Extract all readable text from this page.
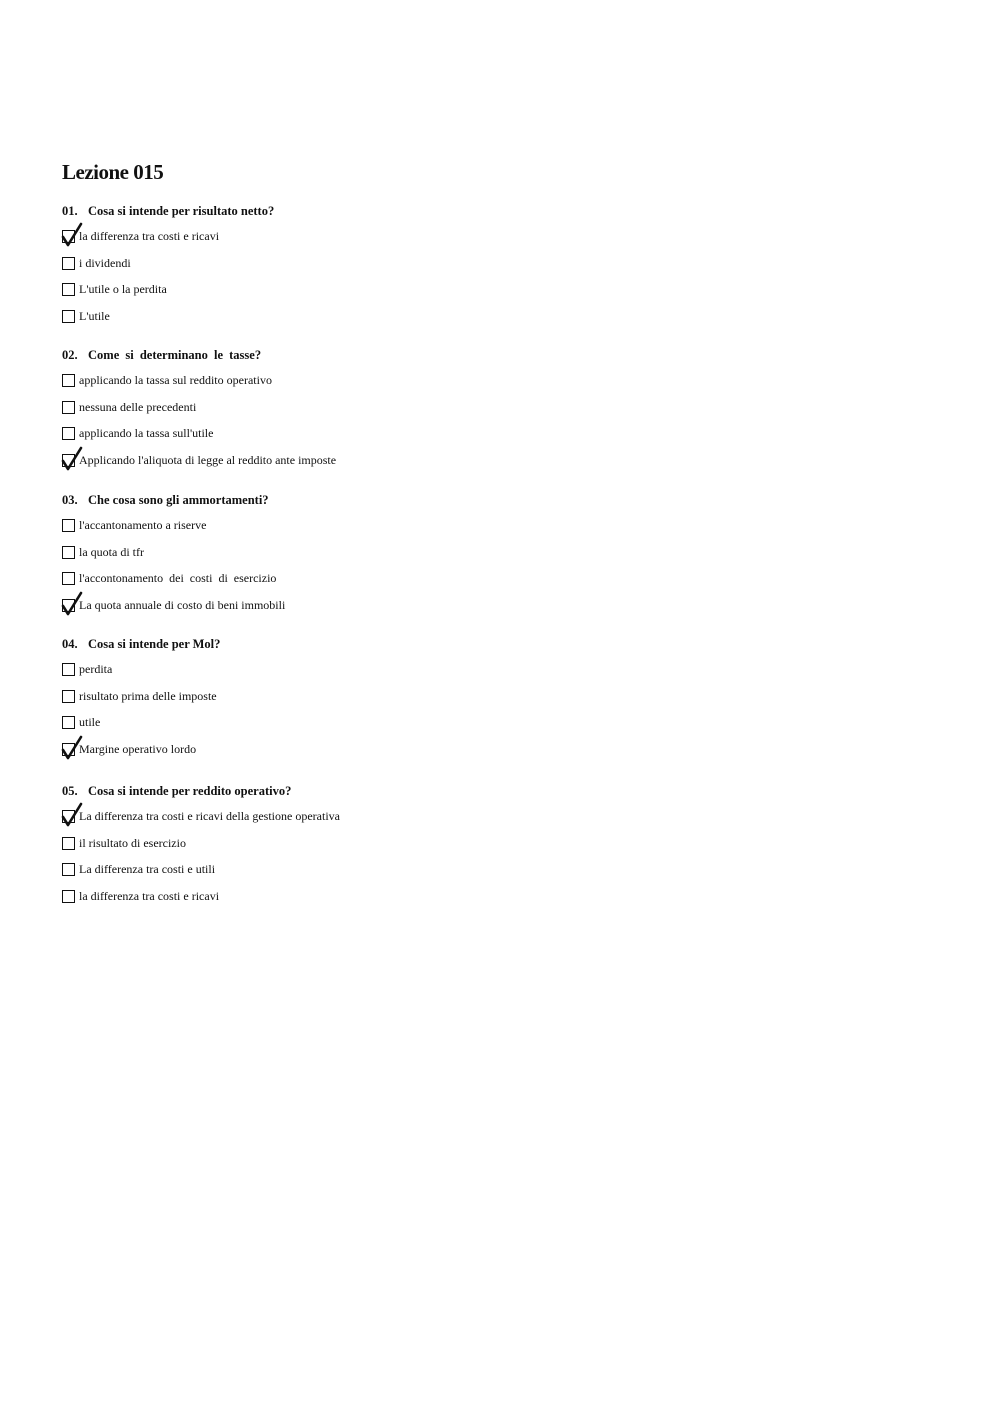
Lezione 015
01. Cosa si intende per risultato netto?
la differenza tra costi e ricavi
i dividendi
L'utile o la perdita
L'utile
02. Come si determinano le tasse?
applicando la tassa sul reddito operativo
nessuna delle precedenti
applicando la tassa sull'utile
Applicando l'aliquota di legge al reddito ante imposte
03. Che cosa sono gli ammortamenti?
l'accantonamento a riserve
la quota di tfr
l'accontonamento dei costi di esercizio
La quota annuale di costo di beni immobili
04. Cosa si intende per Mol?
perdita
risultato prima delle imposte
utile
Margine operativo lordo
05. Cosa si intende per reddito operativo?
La differenza tra costi e ricavi della gestione operativa
il risultato di esercizio
La differenza tra costi e utili
la differenza tra costi e ricavi
